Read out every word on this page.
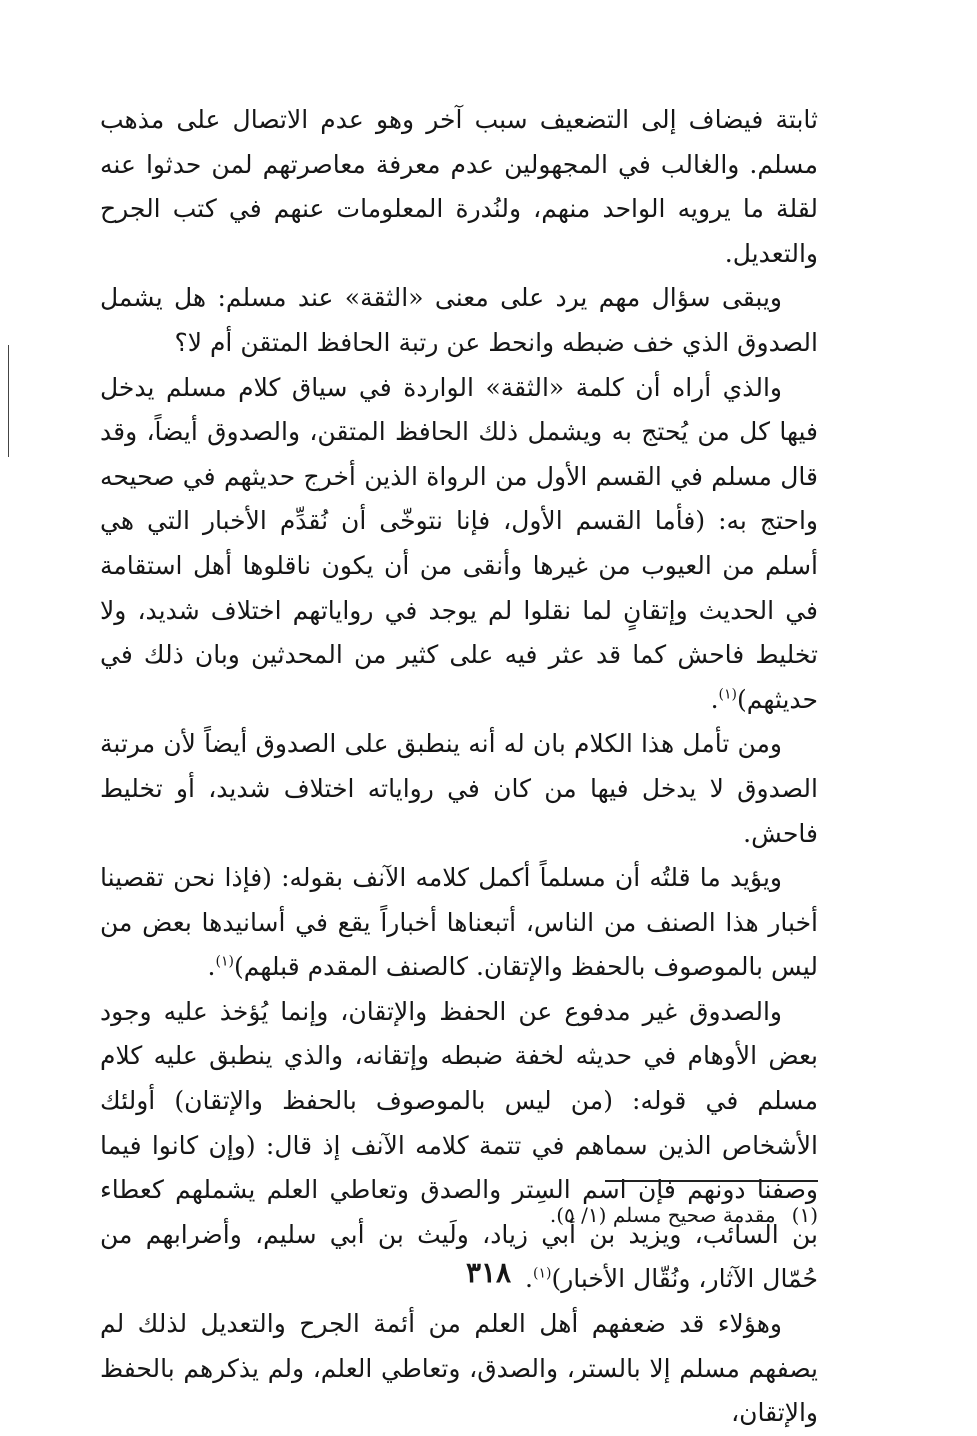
ثابتة فيضاف إلى التضعيف سبب آخر وهو عدم الاتصال على مذهب مسلم. والغالب في المجهولين عدم معرفة معاصرتهم لمن حدثوا عنه لقلة ما يرويه الواحد منهم، ولنُدرة المعلومات عنهم في كتب الجرح والتعديل.

ويبقى سؤال مهم يرد على معنى «الثقة» عند مسلم: هل يشمل الصدوق الذي خف ضبطه وانحط عن رتبة الحافظ المتقن أم لا؟

والذي أراه أن كلمة «الثقة» الواردة في سياق كلام مسلم يدخل فيها كل من يُحتج به ويشمل ذلك الحافظ المتقن، والصدوق أيضاً، وقد قال مسلم في القسم الأول من الرواة الذين أخرج حديثهم في صحيحه واحتج به: (فأما القسم الأول، فإنا نتوخّى أن نُقدِّم الأخبار التي هي أسلم من العيوب من غيرها وأنقى من أن يكون ناقلوها أهل استقامة في الحديث وإتقانٍ لما نقلوا لم يوجد في رواياتهم اختلاف شديد، ولا تخليط فاحش كما قد عثر فيه على كثير من المحدثين وبان ذلك في حديثهم)$^{(١)}$.

ومن تأمل هذا الكلام بان له أنه ينطبق على الصدوق أيضاً لأن مرتبة الصدوق لا يدخل فيها من كان في رواياته اختلاف شديد، أو تخليط فاحش.

ويؤيد ما قلتُه أن مسلماً أكمل كلامه الآنف بقوله: (فإذا نحن تقصينا أخبار هذا الصنف من الناس، أتبعناها أخباراً يقع في أسانيدها بعض من ليس بالموصوف بالحفظ والإتقان. كالصنف المقدم قبلهم)$^{(١)}$.

والصدوق غير مدفوع عن الحفظ والإتقان، وإنما يُؤخذ عليه وجود بعض الأوهام في حديثه لخفة ضبطه وإتقانه، والذي ينطبق عليه كلام مسلم في قوله: (من ليس بالموصوف بالحفظ والإتقان) أولئك الأشخاص الذين سماهم في تتمة كلامه الآنف إذ قال: (وإن كانوا فيما وصفنا دونهم فإن اسم السِتر والصدق وتعاطي العلم يشملهم كعطاء بن السائب، ويزيد بن أبي زياد، ولَيث بن أبي سليم، وأضرابهم من حُمّال الآثار، ونُقّال الأخبار)$^{(١)}$.

وهؤلاء قد ضعفهم أهل العلم من أئمة الجرح والتعديل لذلك لم يصفهم مسلم إلا بالستر، والصدق، وتعاطي العلم، ولم يذكرهم بالحفظ والإتقان،

(١)مقدمة صحيح مسلم (١/ ٥).
٣١٨
